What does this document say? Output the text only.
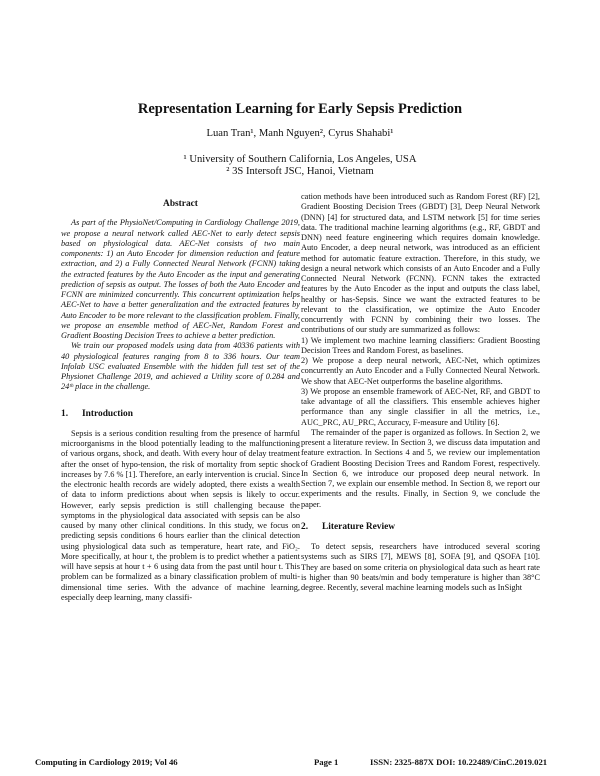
Representation Learning for Early Sepsis Prediction
Luan Tran¹, Manh Nguyen², Cyrus Shahabi¹
¹ University of Southern California, Los Angeles, USA
² 3S Intersoft JSC, Hanoi, Vietnam

Abstract

As part of the PhysioNet/Computing in Cardiology Challenge 2019, we propose a neural network called AEC-Net to early detect sepsis based on physiological data. AEC-Net consists of two main components: 1) an Auto Encoder for dimension reduction and feature extraction, and 2) a Fully Connected Neural Network (FCNN) taking the extracted features by the Auto Encoder as the input and generating prediction of sepsis as output. The losses of both the Auto Encoder and FCNN are minimized concurrently. This concurrent optimization helps AEC-Net to have a better generalization and the extracted features by Auto Encoder to be more relevant to the classification problem. Finally, we propose an ensemble method of AEC-Net, Random Forest and Gradient Boosting Decision Trees to achieve a better prediction.

We train our proposed models using data from 40336 patients with 40 physiological features ranging from 8 to 336 hours. Our team Infolab USC evaluated Ensemble with the hidden full test set of the Physionet Challenge 2019, and achieved a Utility score of 0.284 and 24ᵗʰ place in the challenge.

1. Introduction

Sepsis is a serious condition resulting from the presence of harmful microorganisms in the blood potentially leading to the malfunctioning of various organs, shock, and death. With every hour of delay treatment after the onset of hypo-tension, the risk of mortality from septic shock increases by 7.6 % [1]. Therefore, an early intervention is crucial. Since the electronic health records are widely adopted, there exists a wealth of data to inform predictions about when sepsis is likely to occur. However, early sepsis prediction is still challenging because the symptoms in the physiological data associated with sepsis can be also caused by many other clinical conditions. In this study, we focus on predicting sepsis conditions 6 hours earlier than the clinical detection using physiological data such as temperature, heart rate, and FiO₂. More specifically, at hour t, the problem is to predict whether a patient will have sepsis at hour t + 6 using data from the past until hour t. This problem can be formalized as a binary classification problem of multi-dimensional time series. With the advance of machine learning, especially deep learning, many classifi-

cation methods have been introduced such as Random Forest (RF) [2], Gradient Boosting Decision Trees (GBDT) [3], Deep Neural Network (DNN) [4] for structured data, and LSTM network [5] for time series data. The traditional machine learning algorithms (e.g., RF, GBDT and DNN) need feature engineering which requires domain knowledge. Auto Encoder, a deep neural network, was introduced as an efficient method for automatic feature extraction. Therefore, in this study, we design a neural network which consists of an Auto Encoder and a Fully Connected Neural Network (FCNN). FCNN takes the extracted features by the Auto Encoder as the input and outputs the class label, healthy or has-Sepsis. Since we want the extracted features to be relevant to the classification, we optimize the Auto Encoder concurrently with FCNN by combining their two losses. The contributions of our study are summarized as follows:

1) We implement two machine learning classifiers: Gradient Boosting Decision Trees and Random Forest, as baselines.

2) We propose a deep neural network, AEC-Net, which optimizes concurrently an Auto Encoder and a Fully Connected Neural Network. We show that AEC-Net outperforms the baseline algorithms.

3) We propose an ensemble framework of AEC-Net, RF, and GBDT to take advantage of all the classifiers. This ensemble achieves higher performance than any single classifier in all the metrics, i.e., AUC_PRC, AU_PRC, Accuracy, F-measure and Utility [6].

The remainder of the paper is organized as follows. In Section 2, we present a literature review. In Section 3, we discuss data imputation and feature extraction. In Sections 4 and 5, we review our implementation of Gradient Boosting Decision Trees and Random Forest, respectively. In Section 6, we introduce our proposed deep neural network. In Section 7, we explain our ensemble method. In Section 8, we report our experiments and the results. Finally, in Section 9, we conclude the paper.

2. Literature Review

To detect sepsis, researchers have introduced several scoring systems such as SIRS [7], MEWS [8], SOFA [9], and QSOFA [10]. They are based on some criteria on physiological data such as heart rate is higher than 90 beats/min and body temperature is higher than 38°C degree. Recently, several machine learning models such as InSight

Computing in Cardiology 2019; Vol 46	Page 1	ISSN: 2325-887X DOI: 10.22489/CinC.2019.021
